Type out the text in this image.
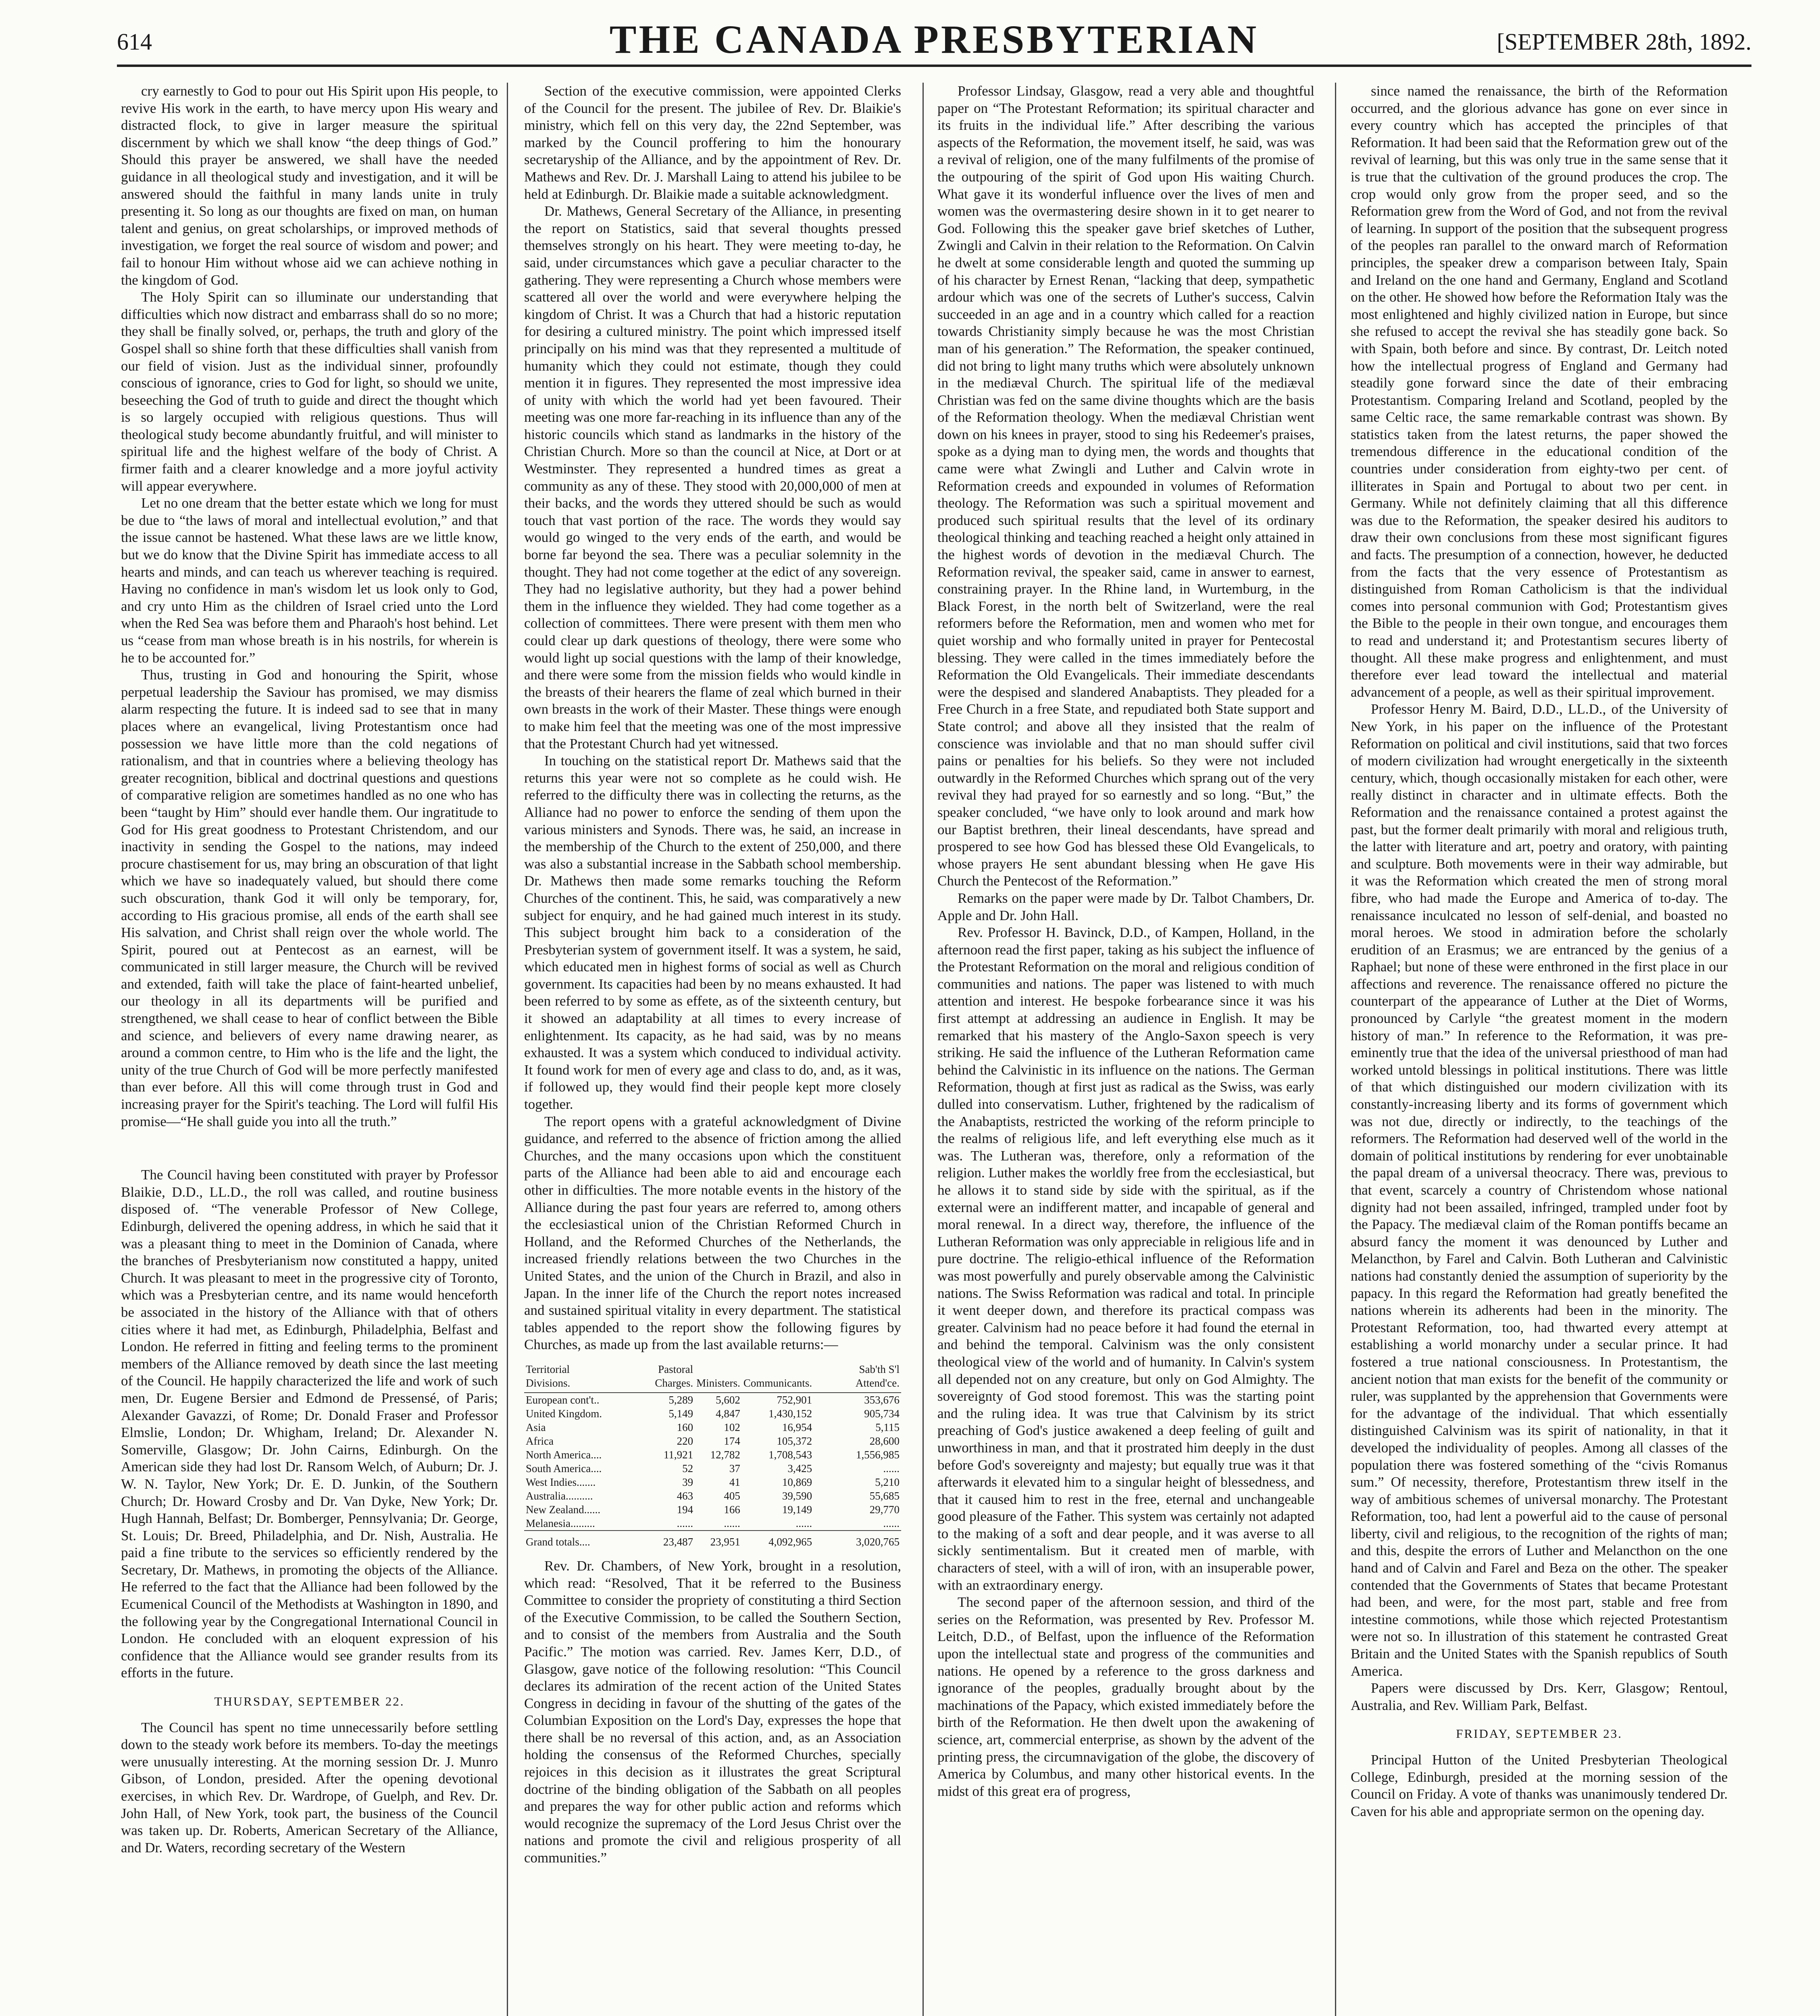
614	THE CANADA PRESBYTERIAN	[SEPTEMBER 28th, 1892.

cry earnestly to God to pour out His Spirit upon His people, to revive His work in the earth, to have mercy upon His weary and distracted flock, to give in larger measure the spiritual discernment by which we shall know “the deep things of God.” Should this prayer be answered, we shall have the needed guidance in all theological study and investigation, and it will be answered should the faithful in many lands unite in truly presenting it. So long as our thoughts are fixed on man, on human talent and genius, on great scholarships, or improved methods of investigation, we forget the real source of wisdom and power; and fail to honour Him without whose aid we can achieve nothing in the kingdom of God.

The Holy Spirit can so illuminate our understanding that difficulties which now distract and embarrass shall do so no more; they shall be finally solved, or, perhaps, the truth and glory of the Gospel shall so shine forth that these difficulties shall vanish from our field of vision. Just as the individual sinner, profoundly conscious of ignorance, cries to God for light, so should we unite, beseeching the God of truth to guide and direct the thought which is so largely occupied with religious questions. Thus will theological study become abundantly fruitful, and will minister to spiritual life and the highest welfare of the body of Christ. A firmer faith and a clearer knowledge and a more joyful activity will appear everywhere.

Let no one dream that the better estate which we long for must be due to “the laws of moral and intellectual evolution,” and that the issue cannot be hastened. What these laws are we little know, but we do know that the Divine Spirit has immediate access to all hearts and minds, and can teach us wherever teaching is required. Having no confidence in man's wisdom let us look only to God, and cry unto Him as the children of Israel cried unto the Lord when the Red Sea was before them and Pharaoh's host behind. Let us “cease from man whose breath is in his nostrils, for wherein is he to be accounted for.”

Thus, trusting in God and honouring the Spirit, whose perpetual leadership the Saviour has promised, we may dismiss alarm respecting the future. It is indeed sad to see that in many places where an evangelical, living Protestantism once had possession we have little more than the cold negations of rationalism, and that in countries where a believing theology has greater recognition, biblical and doctrinal questions and questions of comparative religion are sometimes handled as no one who has been “taught by Him” should ever handle them. Our ingratitude to God for His great goodness to Protestant Christendom, and our inactivity in sending the Gospel to the nations, may indeed procure chastisement for us, may bring an obscuration of that light which we have so inadequately valued, but should there come such obscuration, thank God it will only be temporary, for, according to His gracious promise, all ends of the earth shall see His salvation, and Christ shall reign over the whole world. The Spirit, poured out at Pentecost as an earnest, will be communicated in still larger measure, the Church will be revived and extended, faith will take the place of faint-hearted unbelief, our theology in all its departments will be purified and strengthened, we shall cease to hear of conflict between the Bible and science, and believers of every name drawing nearer, as around a common centre, to Him who is the life and the light, the unity of the true Church of God will be more perfectly manifested than ever before. All this will come through trust in God and increasing prayer for the Spirit's teaching. The Lord will fulfil His promise—“He shall guide you into all the truth.”

The Council having been constituted with prayer by Professor Blaikie, D.D., LL.D., the roll was called, and routine business disposed of. “The venerable Professor of New College, Edinburgh, delivered the opening address, in which he said that it was a pleasant thing to meet in the Dominion of Canada, where the branches of Presbyterianism now constituted a happy, united Church. It was pleasant to meet in the progressive city of Toronto, which was a Presbyterian centre, and its name would henceforth be associated in the history of the Alliance with that of others cities where it had met, as Edinburgh, Philadelphia, Belfast and London. He referred in fitting and feeling terms to the prominent members of the Alliance removed by death since the last meeting of the Council. He happily characterized the life and work of such men, Dr. Eugene Bersier and Edmond de Pressensé, of Paris; Alexander Gavazzi, of Rome; Dr. Donald Fraser and Professor Elmslie, London; Dr. Whigham, Ireland; Dr. Alexander N. Somerville, Glasgow; Dr. John Cairns, Edinburgh. On the American side they had lost Dr. Ransom Welch, of Auburn; Dr. J. W. N. Taylor, New York; Dr. E. D. Junkin, of the Southern Church; Dr. Howard Crosby and Dr. Van Dyke, New York; Dr. Hugh Hannah, Belfast; Dr. Bomberger, Pennsylvania; Dr. George, St. Louis; Dr. Breed, Philadelphia, and Dr. Nish, Australia. He paid a fine tribute to the services so efficiently rendered by the Secretary, Dr. Mathews, in promoting the objects of the Alliance. He referred to the fact that the Alliance had been followed by the Ecumenical Council of the Methodists at Washington in 1890, and the following year by the Congregational International Council in London. He concluded with an eloquent expression of his confidence that the Alliance would see grander results from its efforts in the future.

THURSDAY, SEPTEMBER 22.

The Council has spent no time unnecessarily before settling down to the steady work before its members. To-day the meetings were unusually interesting. At the morning session Dr. J. Munro Gibson, of London, presided. After the opening devotional exercises, in which Rev. Dr. Wardrope, of Guelph, and Rev. Dr. John Hall, of New York, took part, the business of the Council was taken up. Dr. Roberts, American Secretary of the Alliance, and Dr. Waters, recording secretary of the Western

Section of the executive commission, were appointed Clerks of the Council for the present. The jubilee of Rev. Dr. Blaikie's ministry, which fell on this very day, the 22nd September, was marked by the Council proffering to him the honourary secretaryship of the Alliance, and by the appointment of Rev. Dr. Mathews and Rev. Dr. J. Marshall Laing to attend his jubilee to be held at Edinburgh. Dr. Blaikie made a suitable acknowledgment.

Dr. Mathews, General Secretary of the Alliance, in presenting the report on Statistics, said that several thoughts pressed themselves strongly on his heart. They were meeting to-day, he said, under circumstances which gave a peculiar character to the gathering. They were representing a Church whose members were scattered all over the world and were everywhere helping the kingdom of Christ. It was a Church that had a historic reputation for desiring a cultured ministry. The point which impressed itself principally on his mind was that they represented a multitude of humanity which they could not estimate, though they could mention it in figures. They represented the most impressive idea of unity with which the world had yet been favoured. Their meeting was one more far-reaching in its influence than any of the historic councils which stand as landmarks in the history of the Christian Church. More so than the council at Nice, at Dort or at Westminster. They represented a hundred times as great a community as any of these. They stood with 20,000,000 of men at their backs, and the words they uttered should be such as would touch that vast portion of the race. The words they would say would go winged to the very ends of the earth, and would be borne far beyond the sea. There was a peculiar solemnity in the thought. They had not come together at the edict of any sovereign. They had no legislative authority, but they had a power behind them in the influence they wielded. They had come together as a collection of committees. There were present with them men who could clear up dark questions of theology, there were some who would light up social questions with the lamp of their knowledge, and there were some from the mission fields who would kindle in the breasts of their hearers the flame of zeal which burned in their own breasts in the work of their Master. These things were enough to make him feel that the meeting was one of the most impressive that the Protestant Church had yet witnessed.

In touching on the statistical report Dr. Mathews said that the returns this year were not so complete as he could wish. He referred to the difficulty there was in collecting the returns, as the Alliance had no power to enforce the sending of them upon the various ministers and Synods. There was, he said, an increase in the membership of the Church to the extent of 250,000, and there was also a substantial increase in the Sabbath school membership. Dr. Mathews then made some remarks touching the Reform Churches of the continent. This, he said, was comparatively a new subject for enquiry, and he had gained much interest in its study. This subject brought him back to a consideration of the Presbyterian system of government itself. It was a system, he said, which educated men in highest forms of social as well as Church government. Its capacities had been by no means exhausted. It had been referred to by some as effete, as of the sixteenth century, but it showed an adaptability at all times to every increase of enlightenment. Its capacity, as he had said, was by no means exhausted. It was a system which conduced to individual activity. It found work for men of every age and class to do, and, as it was, if followed up, they would find their people kept more closely together.

The report opens with a grateful acknowledgment of Divine guidance, and referred to the absence of friction among the allied Churches, and the many occasions upon which the constituent parts of the Alliance had been able to aid and encourage each other in difficulties. The more notable events in the history of the Alliance during the past four years are referred to, among others the ecclesiastical union of the Christian Reformed Church in Holland, and the Reformed Churches of the Netherlands, the increased friendly relations between the two Churches in the United States, and the union of the Church in Brazil, and also in Japan. In the inner life of the Church the report notes increased and sustained spiritual vitality in every department. The statistical tables appended to the report show the following figures by Churches, as made up from the last available returns:—

Territorial Divisions.	Pastoral Charges.	Ministers.	Communicants.	Sab'th S'l Attend'ce.
European cont't..	5,289	5,602	752,901	353,676
United Kingdom.	5,149	4,847	1,430,152	905,734
Asia	160	102	16,954	5,115
Africa	220	174	105,372	28,600
North America....	11,921	12,782	1,708,543	1,556,985
South America....	52	37	3,425	......
West Indies.......	39	41	10,869	5,210
Australia..........	463	405	39,590	55,685
New Zealand......	194	166	19,149	29,770
Melanesia.........	......	......	......	......
Grand totals....	23,487	23,951	4,092,965	3,020,765

Rev. Dr. Chambers, of New York, brought in a resolution, which read: “Resolved, That it be referred to the Business Committee to consider the propriety of constituting a third Section of the Executive Commission, to be called the Southern Section, and to consist of the members from Australia and the South Pacific.” The motion was carried. Rev. James Kerr, D.D., of Glasgow, gave notice of the following resolution: “This Council declares its admiration of the recent action of the United States Congress in deciding in favour of the shutting of the gates of the Columbian Exposition on the Lord's Day, expresses the hope that there shall be no reversal of this action, and, as an Association holding the consensus of the Reformed Churches, specially rejoices in this decision as it illustrates the great Scriptural doctrine of the binding obligation of the Sabbath on all peoples and prepares the way for other public action and reforms which would recognize the supremacy of the Lord Jesus Christ over the nations and promote the civil and religious prosperity of all communities.”

Professor Lindsay, Glasgow, read a very able and thoughtful paper on “The Protestant Reformation; its spiritual character and its fruits in the individual life.” After describing the various aspects of the Reformation, the movement itself, he said, was was a revival of religion, one of the many fulfilments of the promise of the outpouring of the spirit of God upon His waiting Church. What gave it its wonderful influence over the lives of men and women was the overmastering desire shown in it to get nearer to God. Following this the speaker gave brief sketches of Luther, Zwingli and Calvin in their relation to the Reformation. On Calvin he dwelt at some considerable length and quoted the summing up of his character by Ernest Renan, “lacking that deep, sympathetic ardour which was one of the secrets of Luther's success, Calvin succeeded in an age and in a country which called for a reaction towards Christianity simply because he was the most Christian man of his generation.” The Reformation, the speaker continued, did not bring to light many truths which were absolutely unknown in the mediæval Church. The spiritual life of the mediæval Christian was fed on the same divine thoughts which are the basis of the Reformation theology. When the mediæval Christian went down on his knees in prayer, stood to sing his Redeemer's praises, spoke as a dying man to dying men, the words and thoughts that came were what Zwingli and Luther and Calvin wrote in Reformation creeds and expounded in volumes of Reformation theology. The Reformation was such a spiritual movement and produced such spiritual results that the level of its ordinary theological thinking and teaching reached a height only attained in the highest words of devotion in the mediæval Church. The Reformation revival, the speaker said, came in answer to earnest, constraining prayer. In the Rhine land, in Wurtemburg, in the Black Forest, in the north belt of Switzerland, were the real reformers before the Reformation, men and women who met for quiet worship and who formally united in prayer for Pentecostal blessing. They were called in the times immediately before the Reformation the Old Evangelicals. Their immediate descendants were the despised and slandered Anabaptists. They pleaded for a Free Church in a free State, and repudiated both State support and State control; and above all they insisted that the realm of conscience was inviolable and that no man should suffer civil pains or penalties for his beliefs. So they were not included outwardly in the Reformed Churches which sprang out of the very revival they had prayed for so earnestly and so long. “But,” the speaker concluded, “we have only to look around and mark how our Baptist brethren, their lineal descendants, have spread and prospered to see how God has blessed these Old Evangelicals, to whose prayers He sent abundant blessing when He gave His Church the Pentecost of the Reformation.”

Remarks on the paper were made by Dr. Talbot Chambers, Dr. Apple and Dr. John Hall.

Rev. Professor H. Bavinck, D.D., of Kampen, Holland, in the afternoon read the first paper, taking as his subject the influence of the Protestant Reformation on the moral and religious condition of communities and nations. The paper was listened to with much attention and interest. He bespoke forbearance since it was his first attempt at addressing an audience in English. It may be remarked that his mastery of the Anglo-Saxon speech is very striking. He said the influence of the Lutheran Reformation came behind the Calvinistic in its influence on the nations. The German Reformation, though at first just as radical as the Swiss, was early dulled into conservatism. Luther, frightened by the radicalism of the Anabaptists, restricted the working of the reform principle to the realms of religious life, and left everything else much as it was. The Lutheran was, therefore, only a reformation of the religion. Luther makes the worldly free from the ecclesiastical, but he allows it to stand side by side with the spiritual, as if the external were an indifferent matter, and incapable of general and moral renewal. In a direct way, therefore, the influence of the Lutheran Reformation was only appreciable in religious life and in pure doctrine. The religio-ethical influence of the Reformation was most powerfully and purely observable among the Calvinistic nations. The Swiss Reformation was radical and total. In principle it went deeper down, and therefore its practical compass was greater. Calvinism had no peace before it had found the eternal in and behind the temporal. Calvinism was the only consistent theological view of the world and of humanity. In Calvin's system all depended not on any creature, but only on God Almighty. The sovereignty of God stood foremost. This was the starting point and the ruling idea. It was true that Calvinism by its strict preaching of God's justice awakened a deep feeling of guilt and unworthiness in man, and that it prostrated him deeply in the dust before God's sovereignty and majesty; but equally true was it that afterwards it elevated him to a singular height of blessedness, and that it caused him to rest in the free, eternal and unchangeable good pleasure of the Father. This system was certainly not adapted to the making of a soft and dear people, and it was averse to all sickly sentimentalism. But it created men of marble, with characters of steel, with a will of iron, with an insuperable power, with an extraordinary energy.

The second paper of the afternoon session, and third of the series on the Reformation, was presented by Rev. Professor M. Leitch, D.D., of Belfast, upon the influence of the Reformation upon the intellectual state and progress of the communities and nations. He opened by a reference to the gross darkness and ignorance of the peoples, gradually brought about by the machinations of the Papacy, which existed immediately before the birth of the Reformation. He then dwelt upon the awakening of science, art, commercial enterprise, as shown by the advent of the printing press, the circumnavigation of the globe, the discovery of America by Columbus, and many other historical events. In the midst of this great era of progress,

since named the renaissance, the birth of the Reformation occurred, and the glorious advance has gone on ever since in every country which has accepted the principles of that Reformation. It had been said that the Reformation grew out of the revival of learning, but this was only true in the same sense that it is true that the cultivation of the ground produces the crop. The crop would only grow from the proper seed, and so the Reformation grew from the Word of God, and not from the revival of learning. In support of the position that the subsequent progress of the peoples ran parallel to the onward march of Reformation principles, the speaker drew a comparison between Italy, Spain and Ireland on the one hand and Germany, England and Scotland on the other. He showed how before the Reformation Italy was the most enlightened and highly civilized nation in Europe, but since she refused to accept the revival she has steadily gone back. So with Spain, both before and since. By contrast, Dr. Leitch noted how the intellectual progress of England and Germany had steadily gone forward since the date of their embracing Protestantism. Comparing Ireland and Scotland, peopled by the same Celtic race, the same remarkable contrast was shown. By statistics taken from the latest returns, the paper showed the tremendous difference in the educational condition of the countries under consideration from eighty-two per cent. of illiterates in Spain and Portugal to about two per cent. in Germany. While not definitely claiming that all this difference was due to the Reformation, the speaker desired his auditors to draw their own conclusions from these most significant figures and facts. The presumption of a connection, however, he deducted from the facts that the very essence of Protestantism as distinguished from Roman Catholicism is that the individual comes into personal communion with God; Protestantism gives the Bible to the people in their own tongue, and encourages them to read and understand it; and Protestantism secures liberty of thought. All these make progress and enlightenment, and must therefore ever lead toward the intellectual and material advancement of a people, as well as their spiritual improvement.

Professor Henry M. Baird, D.D., LL.D., of the University of New York, in his paper on the influence of the Protestant Reformation on political and civil institutions, said that two forces of modern civilization had wrought energetically in the sixteenth century, which, though occasionally mistaken for each other, were really distinct in character and in ultimate effects. Both the Reformation and the renaissance contained a protest against the past, but the former dealt primarily with moral and religious truth, the latter with literature and art, poetry and oratory, with painting and sculpture. Both movements were in their way admirable, but it was the Reformation which created the men of strong moral fibre, who had made the Europe and America of to-day. The renaissance inculcated no lesson of self-denial, and boasted no moral heroes. We stood in admiration before the scholarly erudition of an Erasmus; we are entranced by the genius of a Raphael; but none of these were enthroned in the first place in our affections and reverence. The renaissance offered no picture the counterpart of the appearance of Luther at the Diet of Worms, pronounced by Carlyle “the greatest moment in the modern history of man.” In reference to the Reformation, it was pre-eminently true that the idea of the universal priesthood of man had worked untold blessings in political institutions. There was little of that which distinguished our modern civilization with its constantly-increasing liberty and its forms of government which was not due, directly or indirectly, to the teachings of the reformers. The Reformation had deserved well of the world in the domain of political institutions by rendering for ever unobtainable the papal dream of a universal theocracy. There was, previous to that event, scarcely a country of Christendom whose national dignity had not been assailed, infringed, trampled under foot by the Papacy. The mediæval claim of the Roman pontiffs became an absurd fancy the moment it was denounced by Luther and Melancthon, by Farel and Calvin. Both Lutheran and Calvinistic nations had constantly denied the assumption of superiority by the papacy. In this regard the Reformation had greatly benefited the nations wherein its adherents had been in the minority. The Protestant Reformation, too, had thwarted every attempt at establishing a world monarchy under a secular prince. It had fostered a true national consciousness. In Protestantism, the ancient notion that man exists for the benefit of the community or ruler, was supplanted by the apprehension that Governments were for the advantage of the individual. That which essentially distinguished Calvinism was its spirit of nationality, in that it developed the individuality of peoples. Among all classes of the population there was fostered something of the “civis Romanus sum.” Of necessity, therefore, Protestantism threw itself in the way of ambitious schemes of universal monarchy. The Protestant Reformation, too, had lent a powerful aid to the cause of personal liberty, civil and religious, to the recognition of the rights of man; and this, despite the errors of Luther and Melancthon on the one hand and of Calvin and Farel and Beza on the other. The speaker contended that the Governments of States that became Protestant had been, and were, for the most part, stable and free from intestine commotions, while those which rejected Protestantism were not so. In illustration of this statement he contrasted Great Britain and the United States with the Spanish republics of South America.

Papers were discussed by Drs. Kerr, Glasgow; Rentoul, Australia, and Rev. William Park, Belfast.

FRIDAY, SEPTEMBER 23.

Principal Hutton of the United Presbyterian Theological College, Edinburgh, presided at the morning session of the Council on Friday. A vote of thanks was unanimously tendered Dr. Caven for his able and appropriate sermon on the opening day.
